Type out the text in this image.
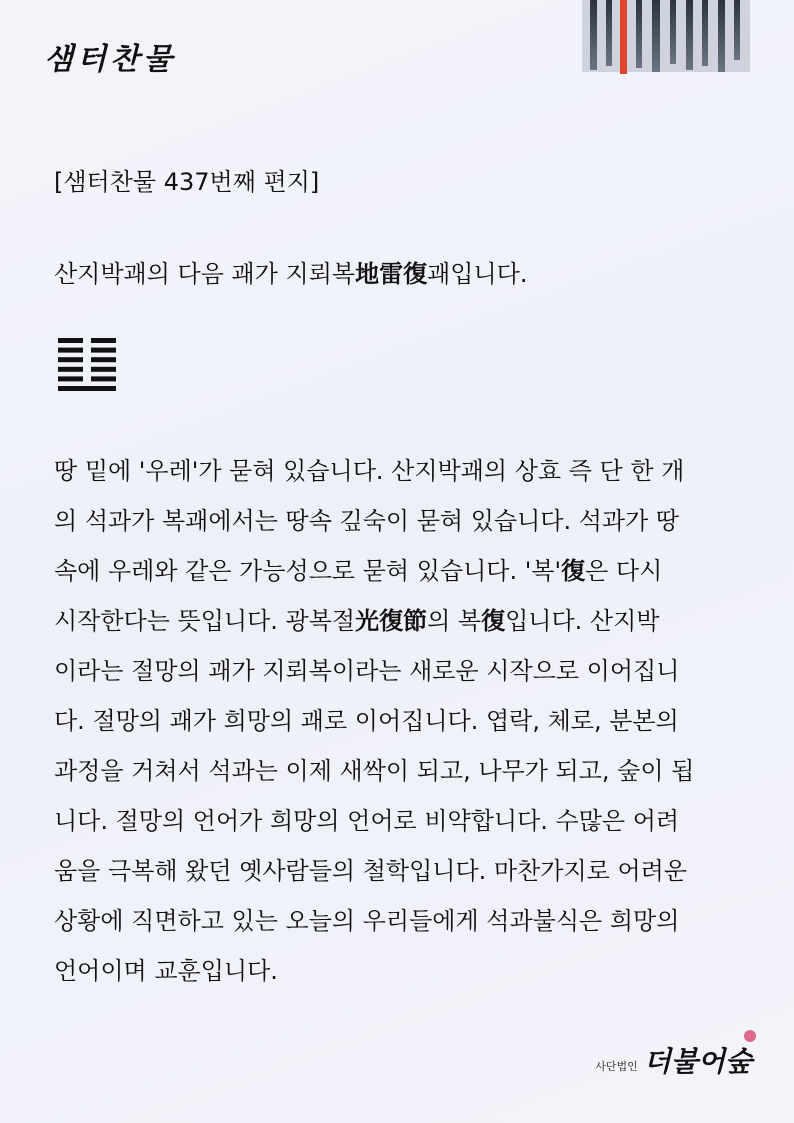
샘터찬물
[샘터찬물 437번째 편지]
산지박괘의 다음 괘가 지뢰복地雷復괘입니다.

땅 밑에 '우레'가 묻혀 있습니다. 산지박괘의 상효 즉 단 한 개
의 석과가 복괘에서는 땅속 깊숙이 묻혀 있습니다. 석과가 땅
속에 우레와 같은 가능성으로 묻혀 있습니다. '복'復은 다시
시작한다는 뜻입니다. 광복절光復節의 복復입니다. 산지박
이라는 절망의 괘가 지뢰복이라는 새로운 시작으로 이어집니
다. 절망의 괘가 희망의 괘로 이어집니다. 엽락, 체로, 분본의
과정을 거쳐서 석과는 이제 새싹이 되고, 나무가 되고, 숲이 됩
니다. 절망의 언어가 희망의 언어로 비약합니다. 수많은 어려
움을 극복해 왔던 옛사람들의 철학입니다. 마찬가지로 어려운
상황에 직면하고 있는 오늘의 우리들에게 석과불식은 희망의
언어이며 교훈입니다.

사단법인 더불어숲
